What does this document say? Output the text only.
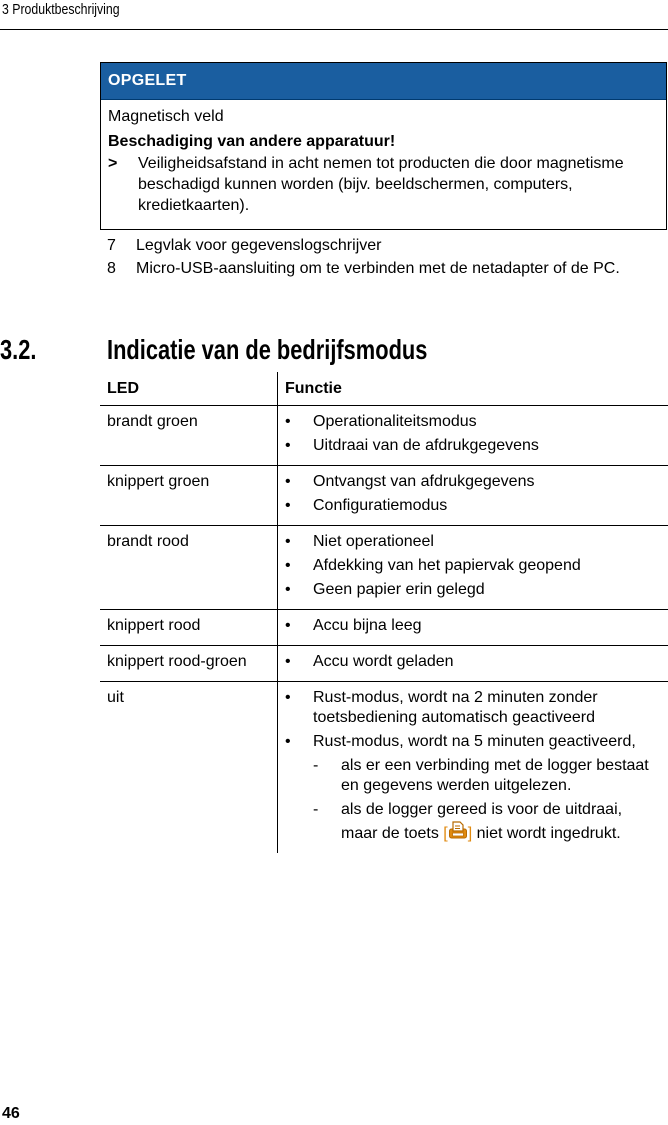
3 Produktbeschrijving
OPGELET
Magnetisch veld
Beschadiging van andere apparatuur!
>	Veiligheidsafstand in acht nemen tot producten die door magnetisme beschadigd kunnen worden (bijv. beeldschermen, computers, kredietkaarten).
7	Legvlak voor gegevenslogschrijver
8	Micro-USB-aansluiting om te verbinden met de netadapter of de PC.
3.2.	Indicatie van de bedrijfsmodus
LED	Functie
brandt groen	•	Operationaliteitsmodus
•	Uitdraai van de afdrukgegevens
knippert groen	•	Ontvangst van afdrukgegevens
•	Configuratiemodus
brandt rood	•	Niet operationeel
•	Afdekking van het papiervak geopend
•	Geen papier erin gelegd
knippert rood	•	Accu bijna leeg
knippert rood-groen	•	Accu wordt geladen
uit	•	Rust-modus, wordt na 2 minuten zonder toetsbediening automatisch geactiveerd
•	Rust-modus, wordt na 5 minuten geactiveerd,
-	als er een verbinding met de logger bestaat en gegevens werden uitgelezen.
-	als de logger gereed is voor de uitdraai, maar de toets [ ] niet wordt ingedrukt.
46
